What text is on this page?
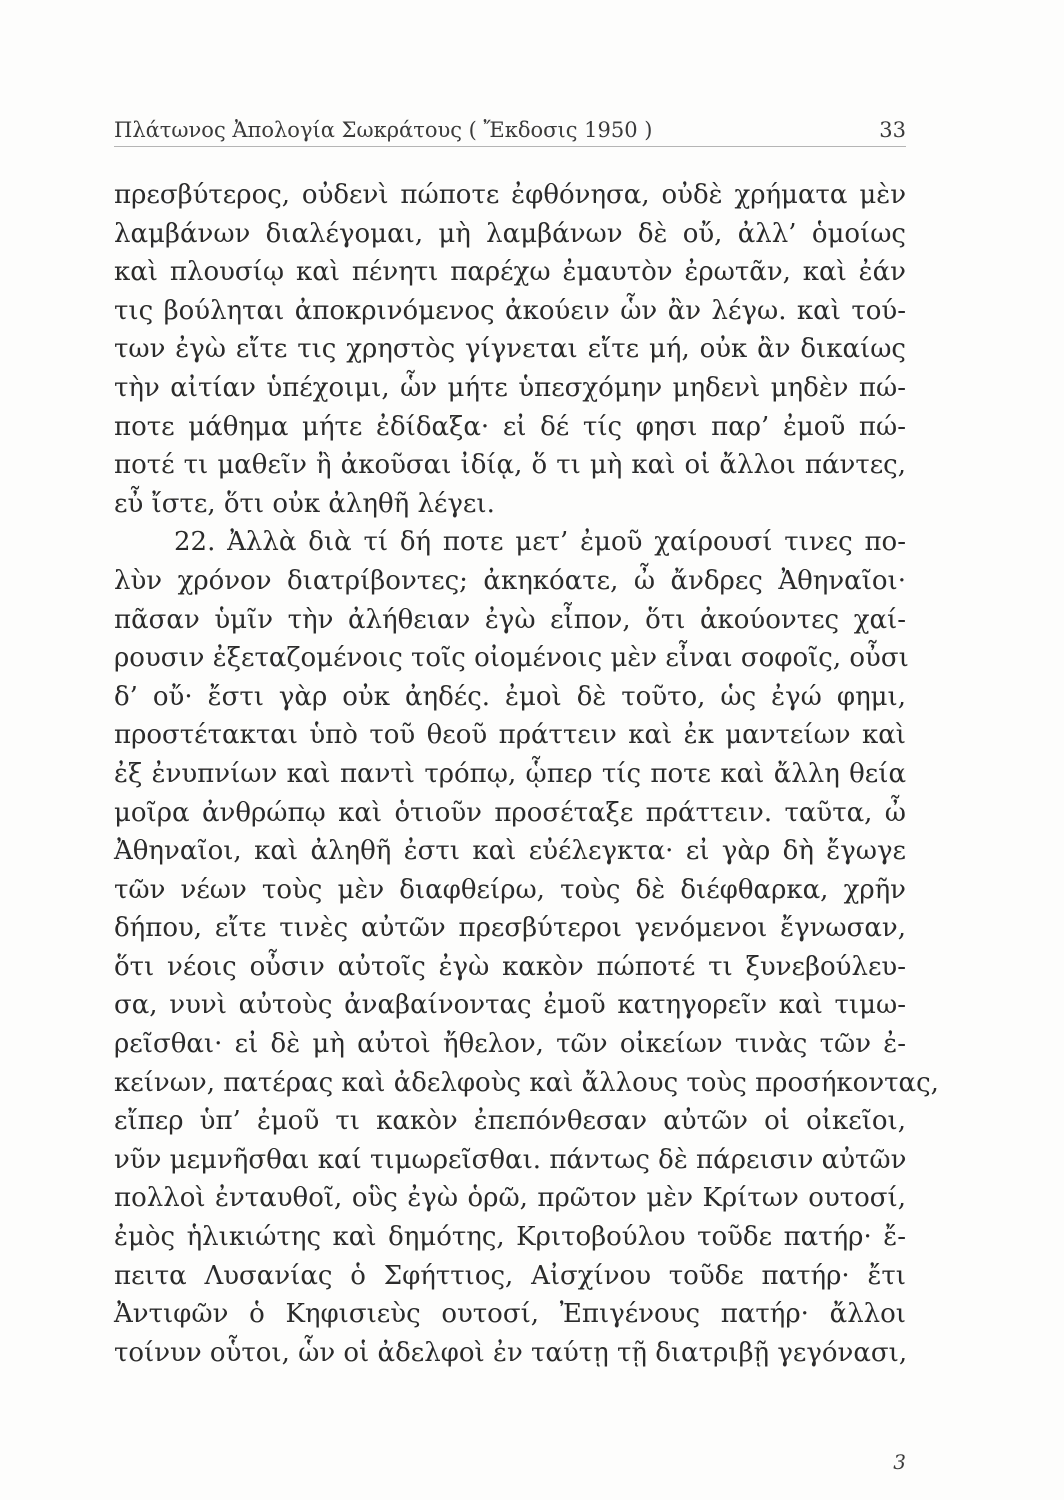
Πλάτωνος Ἀπολογία Σωκράτους ( Ἔκδοσις 1950 )	33
πρεσβύτερος, οὐδενὶ πώποτε ἐφθόνησα, οὐδὲ χρήματα μὲν
λαμβάνων διαλέγομαι, μὴ λαμβάνων δὲ οὔ, ἀλλ’ ὁμοίως
καὶ πλουσίῳ καὶ πένητι παρέχω ἐμαυτὸν ἐρωτᾶν, καὶ ἐάν
τις βούληται ἀποκρινόμενος ἀκούειν ὧν ἂν λέγω. καὶ τού-
των ἐγὼ εἴτε τις χρηστὸς γίγνεται εἴτε μή, οὐκ ἂν δικαίως
τὴν αἰτίαν ὑπέχοιμι, ὧν μήτε ὑπεσχόμην μηδενὶ μηδὲν πώ-
ποτε μάθημα μήτε ἐδίδαξα· εἰ δέ τίς φησι παρ’ ἐμοῦ πώ-
ποτέ τι μαθεῖν ἢ ἀκοῦσαι ἰδίᾳ, ὅ τι μὴ καὶ οἱ ἄλλοι πάντες,
εὖ ἴστε, ὅτι οὐκ ἀληθῆ λέγει.
22. Ἀλλὰ διὰ τί δή ποτε μετ’ ἐμοῦ χαίρουσί τινες πο-
λὺν χρόνον διατρίβοντες; ἀκηκόατε, ὦ ἄνδρες Ἀθηναῖοι·
πᾶσαν ὑμῖν τὴν ἀλήθειαν ἐγὼ εἶπον, ὅτι ἀκούοντες χαί-
ρουσιν ἐξεταζομένοις τοῖς οἰομένοις μὲν εἶναι σοφοῖς, οὖσι
δ’ οὔ· ἔστι γὰρ οὐκ ἀηδές. ἐμοὶ δὲ τοῦτο, ὡς ἐγώ φημι,
προστέτακται ὑπὸ τοῦ θεοῦ πράττειν καὶ ἐκ μαντείων καὶ
ἐξ ἐνυπνίων καὶ παντὶ τρόπῳ, ᾧπερ τίς ποτε καὶ ἄλλη θεία
μοῖρα ἀνθρώπῳ καὶ ὁτιοῦν προσέταξε πράττειν. ταῦτα, ὦ
Ἀθηναῖοι, καὶ ἀληθῆ ἐστι καὶ εὐέλεγκτα· εἰ γὰρ δὴ ἔγωγε
τῶν νέων τοὺς μὲν διαφθείρω, τοὺς δὲ διέφθαρκα, χρῆν
δήπου, εἴτε τινὲς αὐτῶν πρεσβύτεροι γενόμενοι ἔγνωσαν,
ὅτι νέοις οὖσιν αὐτοῖς ἐγὼ κακὸν πώποτέ τι ξυνεβούλευ-
σα, νυνὶ αὐτοὺς ἀναβαίνοντας ἐμοῦ κατηγορεῖν καὶ τιμω-
ρεῖσθαι· εἰ δὲ μὴ αὐτοὶ ἤθελον, τῶν οἰκείων τινὰς τῶν ἐ-
κείνων, πατέρας καὶ ἀδελφοὺς καὶ ἄλλους τοὺς προσήκοντας,
εἴπερ ὑπ’ ἐμοῦ τι κακὸν ἐπεπόνθεσαν αὐτῶν οἱ οἰκεῖοι,
νῦν μεμνῆσθαι καί τιμωρεῖσθαι. πάντως δὲ πάρεισιν αὐτῶν
πολλοὶ ἐνταυθοῖ, οὓς ἐγὼ ὁρῶ, πρῶτον μὲν Κρίτων ουτοσί,
ἐμὸς ἡλικιώτης καὶ δημότης, Κριτοβούλου τοῦδε πατήρ· ἔ-
πειτα Λυσανίας ὁ Σφήττιος, Αἰσχίνου τοῦδε πατήρ· ἔτι
Ἀντιφῶν ὁ Κηφισιεὺς ουτοσί, Ἐπιγένους πατήρ· ἄλλοι
τοίνυν οὗτοι, ὧν οἱ ἀδελφοὶ ἐν ταύτῃ τῇ διατριβῇ γεγόνασι,
3
